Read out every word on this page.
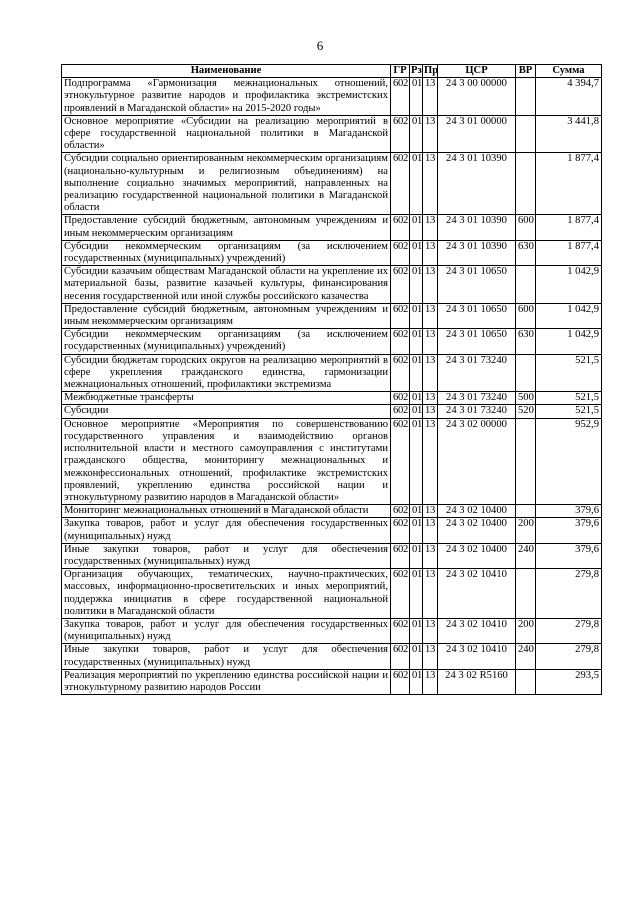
6
Наименование	ГР	Рз	Пр	ЦСР	ВР	Сумма
Подпрограмма «Гармонизация межнациональных отношений, этнокультурное развитие народов и профилактика экстремистских проявлений в Магаданской области» на 2015-2020 годы»	602	01	13	24 3 00 00000		4 394,7
Основное мероприятие «Субсидии на реализацию мероприятий в сфере государственной национальной политики в Магаданской области»	602	01	13	24 3 01 00000		3 441,8
Субсидии социально ориентированным некоммерческим организациям (национально-культурным и религиозным объединениям) на выполнение социально значимых мероприятий, направленных на реализацию государственной национальной политики в Магаданской области	602	01	13	24 3 01 10390		1 877,4
Предоставление субсидий бюджетным, автономным учреждениям и иным некоммерческим организациям	602	01	13	24 3 01 10390	600	1 877,4
Субсидии некоммерческим организациям (за исключением государственных (муниципальных) учреждений)	602	01	13	24 3 01 10390	630	1 877,4
Субсидии казачьим обществам Магаданской области на укрепление их материальной базы, развитие казачьей культуры, финансирования несения государственной или иной службы российского казачества	602	01	13	24 3 01 10650		1 042,9
Предоставление субсидий бюджетным, автономным учреждениям и иным некоммерческим организациям	602	01	13	24 3 01 10650	600	1 042,9
Субсидии некоммерческим организациям (за исключением государственных (муниципальных) учреждений)	602	01	13	24 3 01 10650	630	1 042,9
Субсидии бюджетам городских округов на реализацию мероприятий в сфере укрепления гражданского единства, гармонизации межнациональных отношений, профилактики экстремизма	602	01	13	24 3 01 73240		521,5
Межбюджетные трансферты	602	01	13	24 3 01 73240	500	521,5
Субсидии	602	01	13	24 3 01 73240	520	521,5
Основное мероприятие «Мероприятия по совершенствованию государственного управления и взаимодействию органов исполнительной власти и местного самоуправления с институтами гражданского общества, мониторингу межнациональных и межконфессиональных отношений, профилактике экстремистских проявлений, укреплению единства российской нации и этнокультурному развитию народов в Магаданской области»	602	01	13	24 3 02 00000		952,9
Мониторинг межнациональных отношений в Магаданской области	602	01	13	24 3 02 10400		379,6
Закупка товаров, работ и услуг для обеспечения государственных (муниципальных) нужд	602	01	13	24 3 02 10400	200	379,6
Иные закупки товаров, работ и услуг для обеспечения государственных (муниципальных) нужд	602	01	13	24 3 02 10400	240	379,6
Организация обучающих, тематических, научно-практических, массовых, информационно-просветительских и иных мероприятий, поддержка инициатив в сфере государственной национальной политики в Магаданской области	602	01	13	24 3 02 10410		279,8
Закупка товаров, работ и услуг для обеспечения государственных (муниципальных) нужд	602	01	13	24 3 02 10410	200	279,8
Иные закупки товаров, работ и услуг для обеспечения государственных (муниципальных) нужд	602	01	13	24 3 02 10410	240	279,8
Реализация мероприятий по укреплению единства российской нации и этнокультурному развитию народов России	602	01	13	24 3 02 R5160		293,5
